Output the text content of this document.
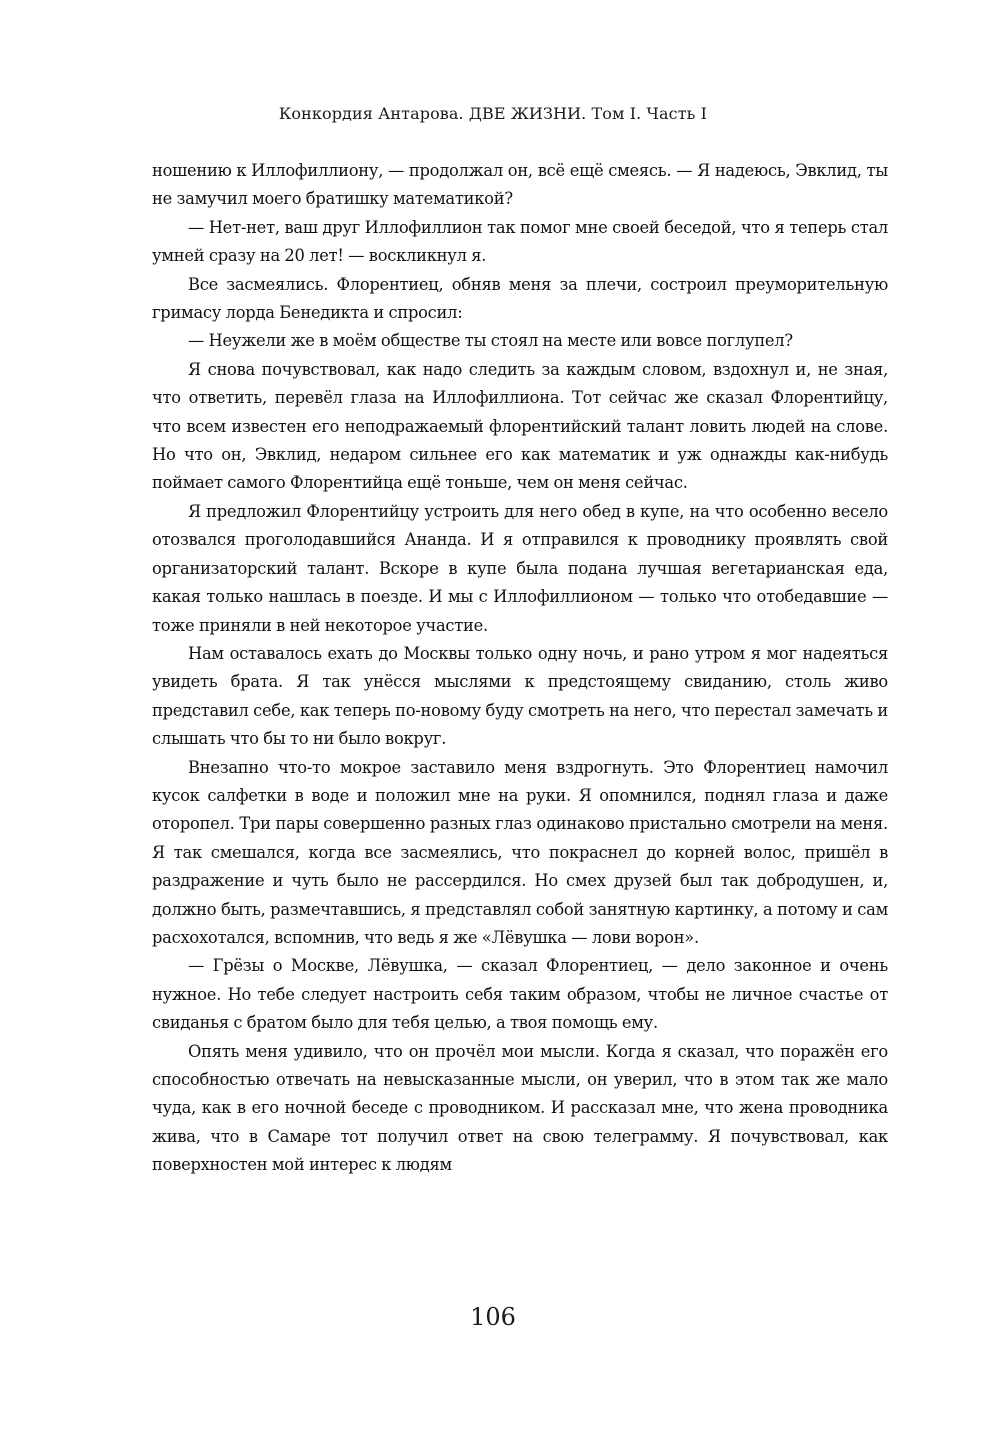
Конкордия Антарова. ДВЕ ЖИЗНИ. Том I. Часть I

ношению к Иллофиллиону, — продолжал он, всё ещё смеясь. — Я надеюсь, Эвклид, ты не замучил моего братишку математикой?

— Нет-нет, ваш друг Иллофиллион так помог мне своей беседой, что я теперь стал умней сразу на 20 лет! — воскликнул я.

Все засмеялись. Флорентиец, обняв меня за плечи, состроил преуморительную гримасу лорда Бенедикта и спросил:

— Неужели же в моём обществе ты стоял на месте или вовсе поглупел?

Я снова почувствовал, как надо следить за каждым словом, вздохнул и, не зная, что ответить, перевёл глаза на Иллофиллиона. Тот сейчас же сказал Флорентийцу, что всем известен его неподражаемый флорентийский талант ловить людей на слове. Но что он, Эвклид, недаром сильнее его как математик и уж однажды как-нибудь поймает самого Флорентийца ещё тоньше, чем он меня сейчас.

Я предложил Флорентийцу устроить для него обед в купе, на что особенно весело отозвался проголодавшийся Ананда. И я отправился к проводнику проявлять свой организаторский талант. Вскоре в купе была подана лучшая вегетарианская еда, какая только нашлась в поезде. И мы с Иллофиллионом — только что отобедавшие — тоже приняли в ней некоторое участие.

Нам оставалось ехать до Москвы только одну ночь, и рано утром я мог надеяться увидеть брата. Я так унёсся мыслями к предстоящему свиданию, столь живо представил себе, как теперь по-новому буду смотреть на него, что перестал замечать и слышать что бы то ни было вокруг.

Внезапно что-то мокрое заставило меня вздрогнуть. Это Флорентиец намочил кусок салфетки в воде и положил мне на руки. Я опомнился, поднял глаза и даже оторопел. Три пары совершенно разных глаз одинаково пристально смотрели на меня. Я так смешался, когда все засмеялись, что покраснел до корней волос, пришёл в раздражение и чуть было не рассердился. Но смех друзей был так добродушен, и, должно быть, размечтавшись, я представлял собой занятную картинку, а потому и сам расхохотался, вспомнив, что ведь я же «Лёвушка — лови ворон».

— Грёзы о Москве, Лёвушка, — сказал Флорентиец, — дело законное и очень нужное. Но тебе следует настроить себя таким образом, чтобы не личное счастье от свиданья с братом было для тебя целью, а твоя помощь ему.

Опять меня удивило, что он прочёл мои мысли. Когда я сказал, что поражён его способностью отвечать на невысказанные мысли, он уверил, что в этом так же мало чуда, как в его ночной беседе с проводником. И рассказал мне, что жена проводника жива, что в Самаре тот получил ответ на свою телеграмму. Я почувствовал, как поверхностен мой интерес к людям

106
